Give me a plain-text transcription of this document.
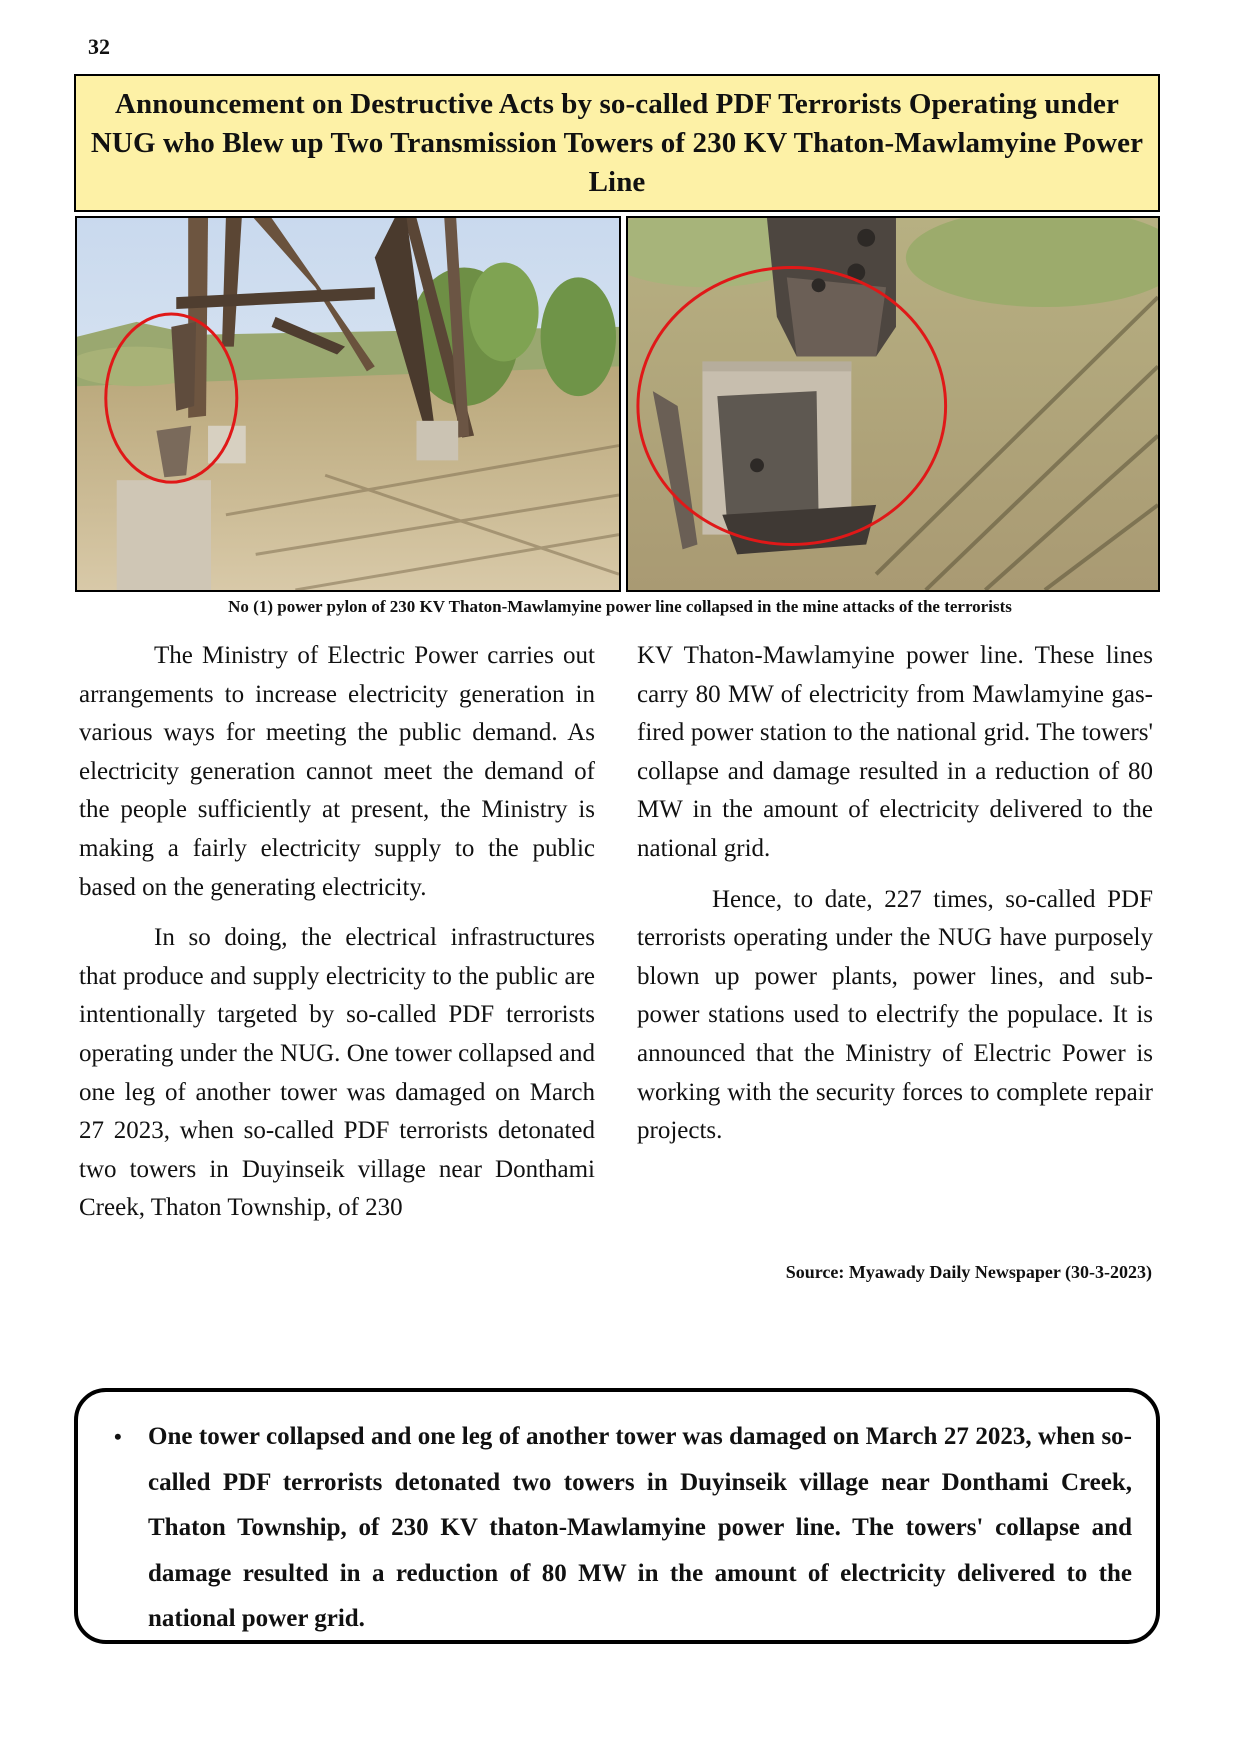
32
Announcement on Destructive Acts by so-called PDF Terrorists Operating under NUG who Blew up Two Transmission Towers of 230 KV Thaton-Mawlamyine Power Line
No (1) power pylon of 230 KV Thaton-Mawlamyine power line collapsed in the mine attacks of the terrorists

The Ministry of Electric Power carries out arrangements to increase electricity generation in various ways for meeting the public demand. As electricity generation cannot meet the demand of the people sufficiently at present, the Ministry is making a fairly electricity supply to the public based on the generating electricity.

In so doing, the electrical infrastructures that produce and supply electricity to the public are intentionally targeted by so-called PDF terrorists operating under the NUG. One tower collapsed and one leg of another tower was damaged on March 27 2023, when so-called PDF terrorists detonated two towers in Duyinseik village near Donthami Creek, Thaton Township, of 230

KV Thaton-Mawlamyine power line. These lines carry 80 MW of electricity from Mawlamyine gas-fired power station to the national grid. The towers' collapse and damage resulted in a reduction of 80 MW in the amount of electricity delivered to the national grid.

Hence, to date, 227 times, so-called PDF terrorists operating under the NUG have purposely blown up power plants, power lines, and sub-power stations used to electrify the populace. It is announced that the Ministry of Electric Power is working with the security forces to complete repair projects.

Source: Myawady Daily Newspaper (30-3-2023)
• One tower collapsed and one leg of another tower was damaged on March 27 2023, when so-called PDF terrorists detonated two towers in Duyinseik village near Donthami Creek, Thaton Township, of 230 KV thaton-Mawlamyine power line. The towers' collapse and damage resulted in a reduction of 80 MW in the amount of electricity delivered to the national power grid.
